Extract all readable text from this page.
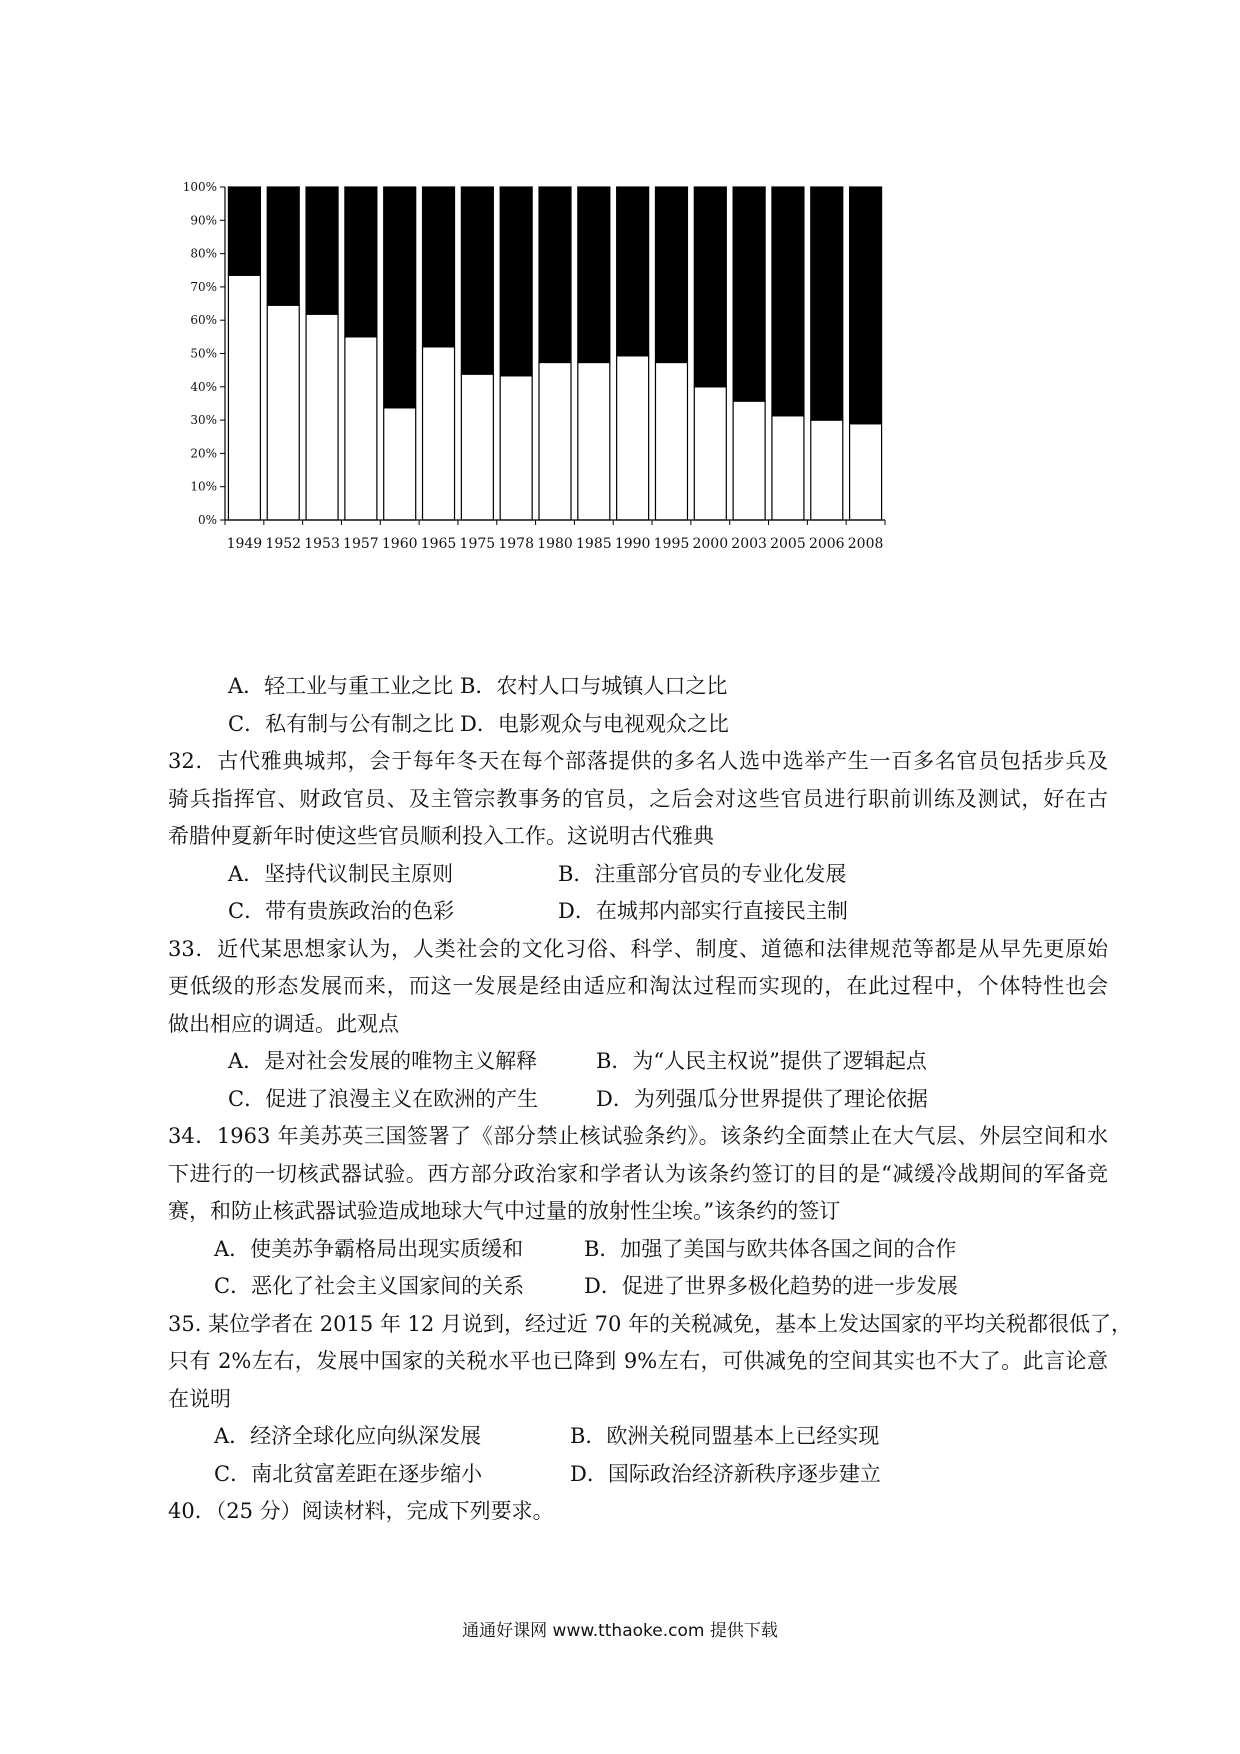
0%
10%
20%
30%
40%
50%
60%
70%
80%
90%
100%
1949 1952 1953 1957 1960 1965 1975 1978 1980 1985 1990 1995 2000 2003 2005 2006 2008
A．轻工业与重工业之比 B．农村人口与城镇人口之比
C．私有制与公有制之比 D．电影观众与电视观众之比
32．古代雅典城邦，会于每年冬天在每个部落提供的多名人选中选举产生一百多名官员包括步兵及
骑兵指挥官、财政官员、及主管宗教事务的官员，之后会对这些官员进行职前训练及测试，好在古
希腊仲夏新年时使这些官员顺利投入工作。这说明古代雅典
A．坚持代议制民主原则	B．注重部分官员的专业化发展
C．带有贵族政治的色彩	D．在城邦内部实行直接民主制
33．近代某思想家认为，人类社会的文化习俗、科学、制度、道德和法律规范等都是从早先更原始
更低级的形态发展而来，而这一发展是经由适应和淘汰过程而实现的，在此过程中，个体特性也会
做出相应的调适。此观点
A．是对社会发展的唯物主义解释	B．为“人民主权说”提供了逻辑起点
C．促进了浪漫主义在欧洲的产生	D．为列强瓜分世界提供了理论依据
34．1963 年美苏英三国签署了《部分禁止核试验条约》。该条约全面禁止在大气层、外层空间和水
下进行的一切核武器试验。西方部分政治家和学者认为该条约签订的目的是“减缓冷战期间的军备竞
赛，和防止核武器试验造成地球大气中过量的放射性尘埃。”该条约的签订
A．使美苏争霸格局出现实质缓和	B．加强了美国与欧共体各国之间的合作
C．恶化了社会主义国家间的关系	D．促进了世界多极化趋势的进一步发展
35. 某位学者在 2015 年 12 月说到，经过近 70 年的关税减免，基本上发达国家的平均关税都很低了，
只有 2%左右，发展中国家的关税水平也已降到 9%左右，可供减免的空间其实也不大了。此言论意
在说明
A．经济全球化应向纵深发展	B．欧洲关税同盟基本上已经实现
C．南北贫富差距在逐步缩小	D．国际政治经济新秩序逐步建立
40．（25 分）阅读材料，完成下列要求。
通通好课网 www.tthaoke.com 提供下载
